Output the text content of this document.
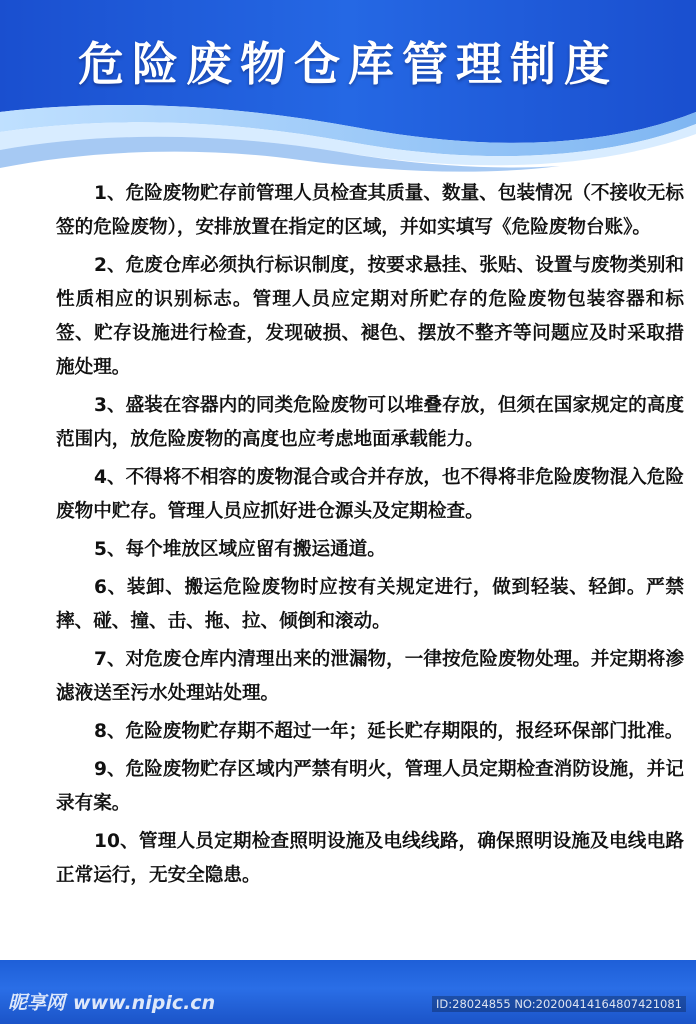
危险废物仓库管理制度

1、危险废物贮存前管理人员检查其质量、数量、包装情况（不接收无标签的危险废物），安排放置在指定的区域，并如实填写《危险废物台账》。

2、危废仓库必须执行标识制度，按要求悬挂、张贴、设置与废物类别和性质相应的识别标志。管理人员应定期对所贮存的危险废物包装容器和标签、贮存设施进行检查，发现破损、褪色、摆放不整齐等问题应及时采取措施处理。

3、盛装在容器内的同类危险废物可以堆叠存放，但须在国家规定的高度范围内，放危险废物的高度也应考虑地面承载能力。

4、不得将不相容的废物混合或合并存放，也不得将非危险废物混入危险废物中贮存。管理人员应抓好进仓源头及定期检查。

5、每个堆放区域应留有搬运通道。

6、装卸、搬运危险废物时应按有关规定进行，做到轻装、轻卸。严禁摔、碰、撞、击、拖、拉、倾倒和滚动。

7、对危废仓库内清理出来的泄漏物，一律按危险废物处理。并定期将渗滤液送至污水处理站处理。

8、危险废物贮存期不超过一年；延长贮存期限的，报经环保部门批准。

9、危险废物贮存区域内严禁有明火，管理人员定期检查消防设施，并记录有案。

10、管理人员定期检查照明设施及电线线路，确保照明设施及电线电路正常运行，无安全隐患。

昵享网 www.nipic.cn	ID:28024855 NO:20200414164807421081
